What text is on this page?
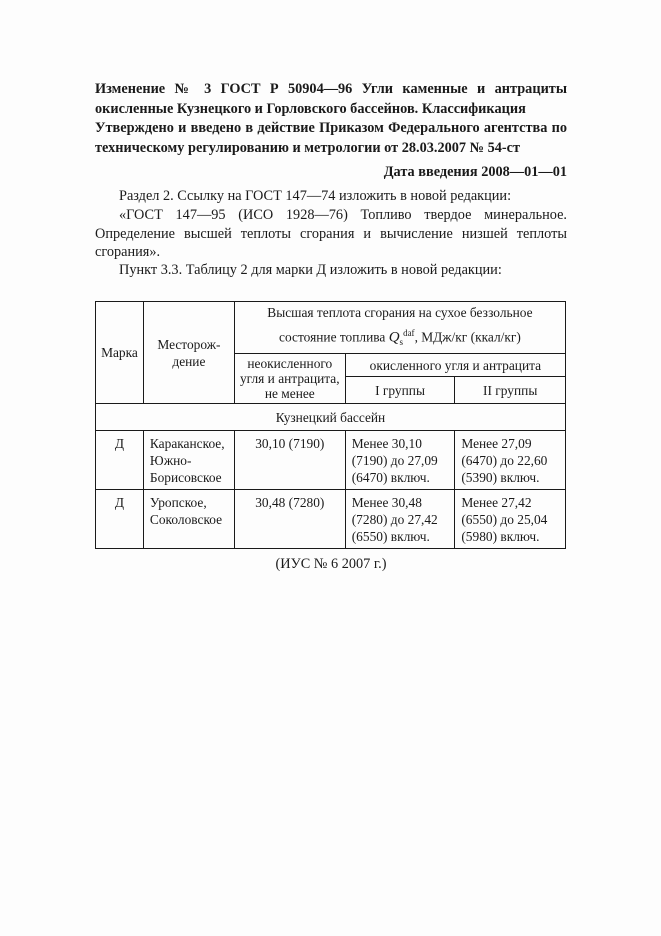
Изменение № 3 ГОСТ Р 50904—96 Угли каменные и антрациты окисленные Кузнецкого и Горловского бассейнов. Классификация
Утверждено и введено в действие Приказом Федерального агентства по техническому регулированию и метрологии от 28.03.2007 № 54-ст
Дата введения 2008—01—01
Раздел 2. Ссылку на ГОСТ 147—74 изложить в новой редакции:
«ГОСТ 147—95 (ИСО 1928—76) Топливо твердое минеральное. Определение высшей теплоты сгорания и вычисление низшей теплоты сгорания».
Пункт 3.3. Таблицу 2 для марки Д изложить в новой редакции:
Марка	Месторож-дение	Высшая теплота сгорания на сухое беззольное
состояние топлива $Q_s^{daf}$, МДж/кг (ккал/кг)		

		неокисленного угля и антрацита, не менее	окисленного угля и антрацита	
			I группы	II группы
Кузнецкий бассейн				
Д	Караканское, Южно-Борисовское	30,10 (7190)	Менее 30,10 (7190) до 27,09 (6470) включ.	Менее 27,09 (6470) до 22,60 (5390) включ.
Д	Уропское, Соколовское	30,48 (7280)	Менее 30,48 (7280) до 27,42 (6550) включ.	Менее 27,42 (6550) до 25,04 (5980) включ.
(ИУС № 6 2007 г.)
